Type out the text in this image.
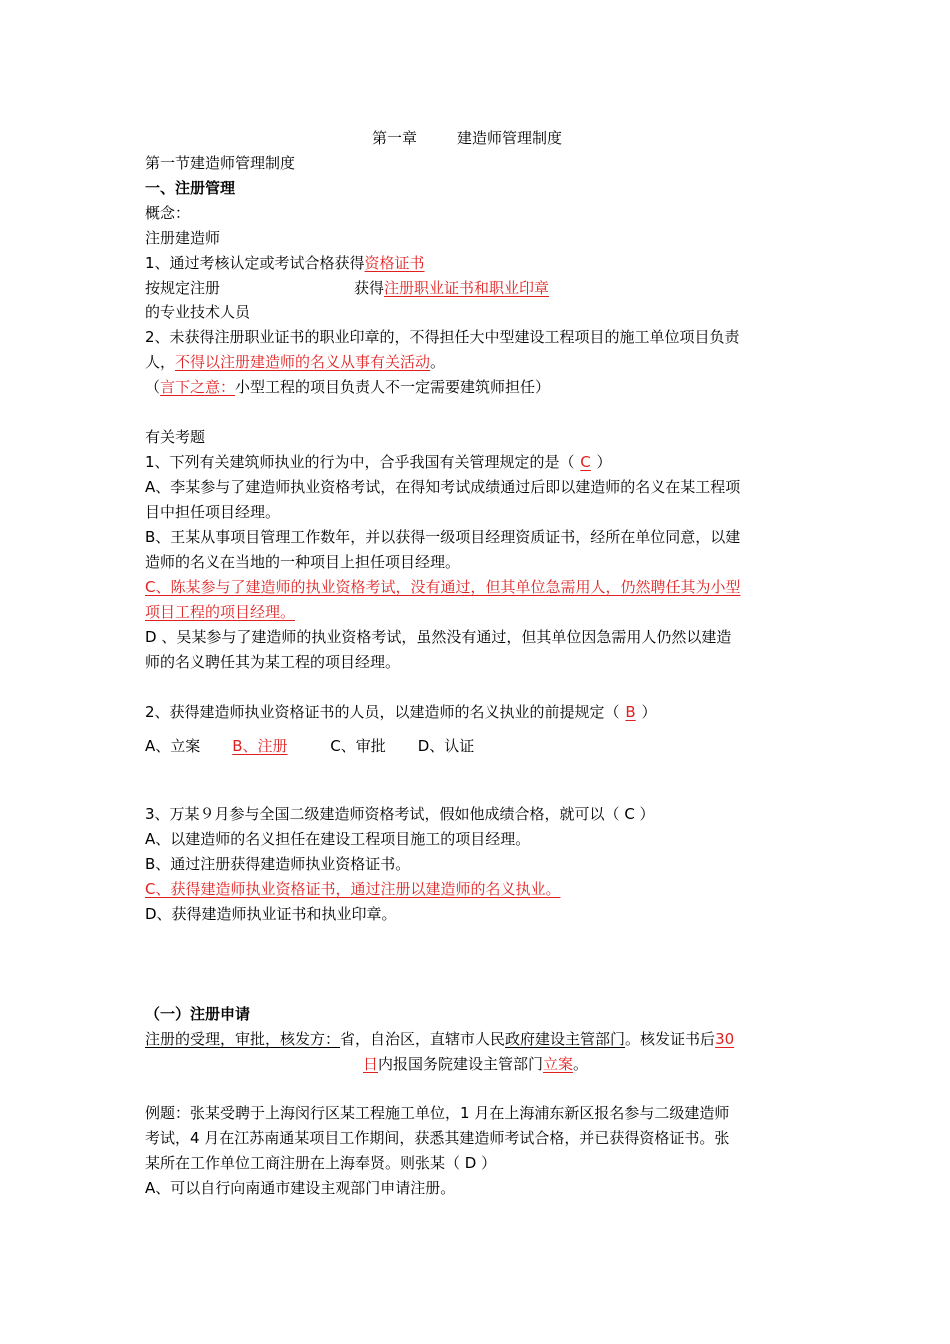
第一章	建造师管理制度
第一节建造师管理制度
一、注册管理
概念：
注册建造师
1、通过考核认定或考试合格获得资格证书
按规定注册	获得注册职业证书和职业印章
的专业技术人员
2、未获得注册职业证书的职业印章的，不得担任大中型建设工程项目的施工单位项目负责
人，不得以注册建造师的名义从事有关活动。
（言下之意：小型工程的项目负责人不一定需要建筑师担任）
有关考题
1、下列有关建筑师执业的行为中，合乎我国有关管理规定的是（ C ）
A、李某参与了建造师执业资格考试，在得知考试成绩通过后即以建造师的名义在某工程项
目中担任项目经理。
B、王某从事项目管理工作数年，并以获得一级项目经理资质证书，经所在单位同意，以建
造师的名义在当地的一种项目上担任项目经理。
C、陈某参与了建造师的执业资格考试，没有通过，但其单位急需用人，仍然聘任其为小型
项目工程的项目经理。
D 、吴某参与了建造师的执业资格考试，虽然没有通过，但其单位因急需用人仍然以建造
师的名义聘任其为某工程的项目经理。
2、获得建造师执业资格证书的人员，以建造师的名义执业的前提规定（ B ）
A、立案 B、注册	C、审批 D、认证
3、万某９月参与全国二级建造师资格考试，假如他成绩合格，就可以（ C ）
A、以建造师的名义担任在建设工程项目施工的项目经理。
B、通过注册获得建造师执业资格证书。
C、获得建造师执业资格证书，通过注册以建造师的名义执业。
D、获得建造师执业证书和执业印章。
（一）注册申请
注册的受理，审批，核发方：省，自治区，直辖市人民政府建设主管部门。核发证书后30
日内报国务院建设主管部门立案。
例题：张某受聘于上海闵行区某工程施工单位，1 月在上海浦东新区报名参与二级建造师
考试，4 月在江苏南通某项目工作期间，获悉其建造师考试合格，并已获得资格证书。张
某所在工作单位工商注册在上海奉贤。则张某（ D ）
A、可以自行向南通市建设主观部门申请注册。
